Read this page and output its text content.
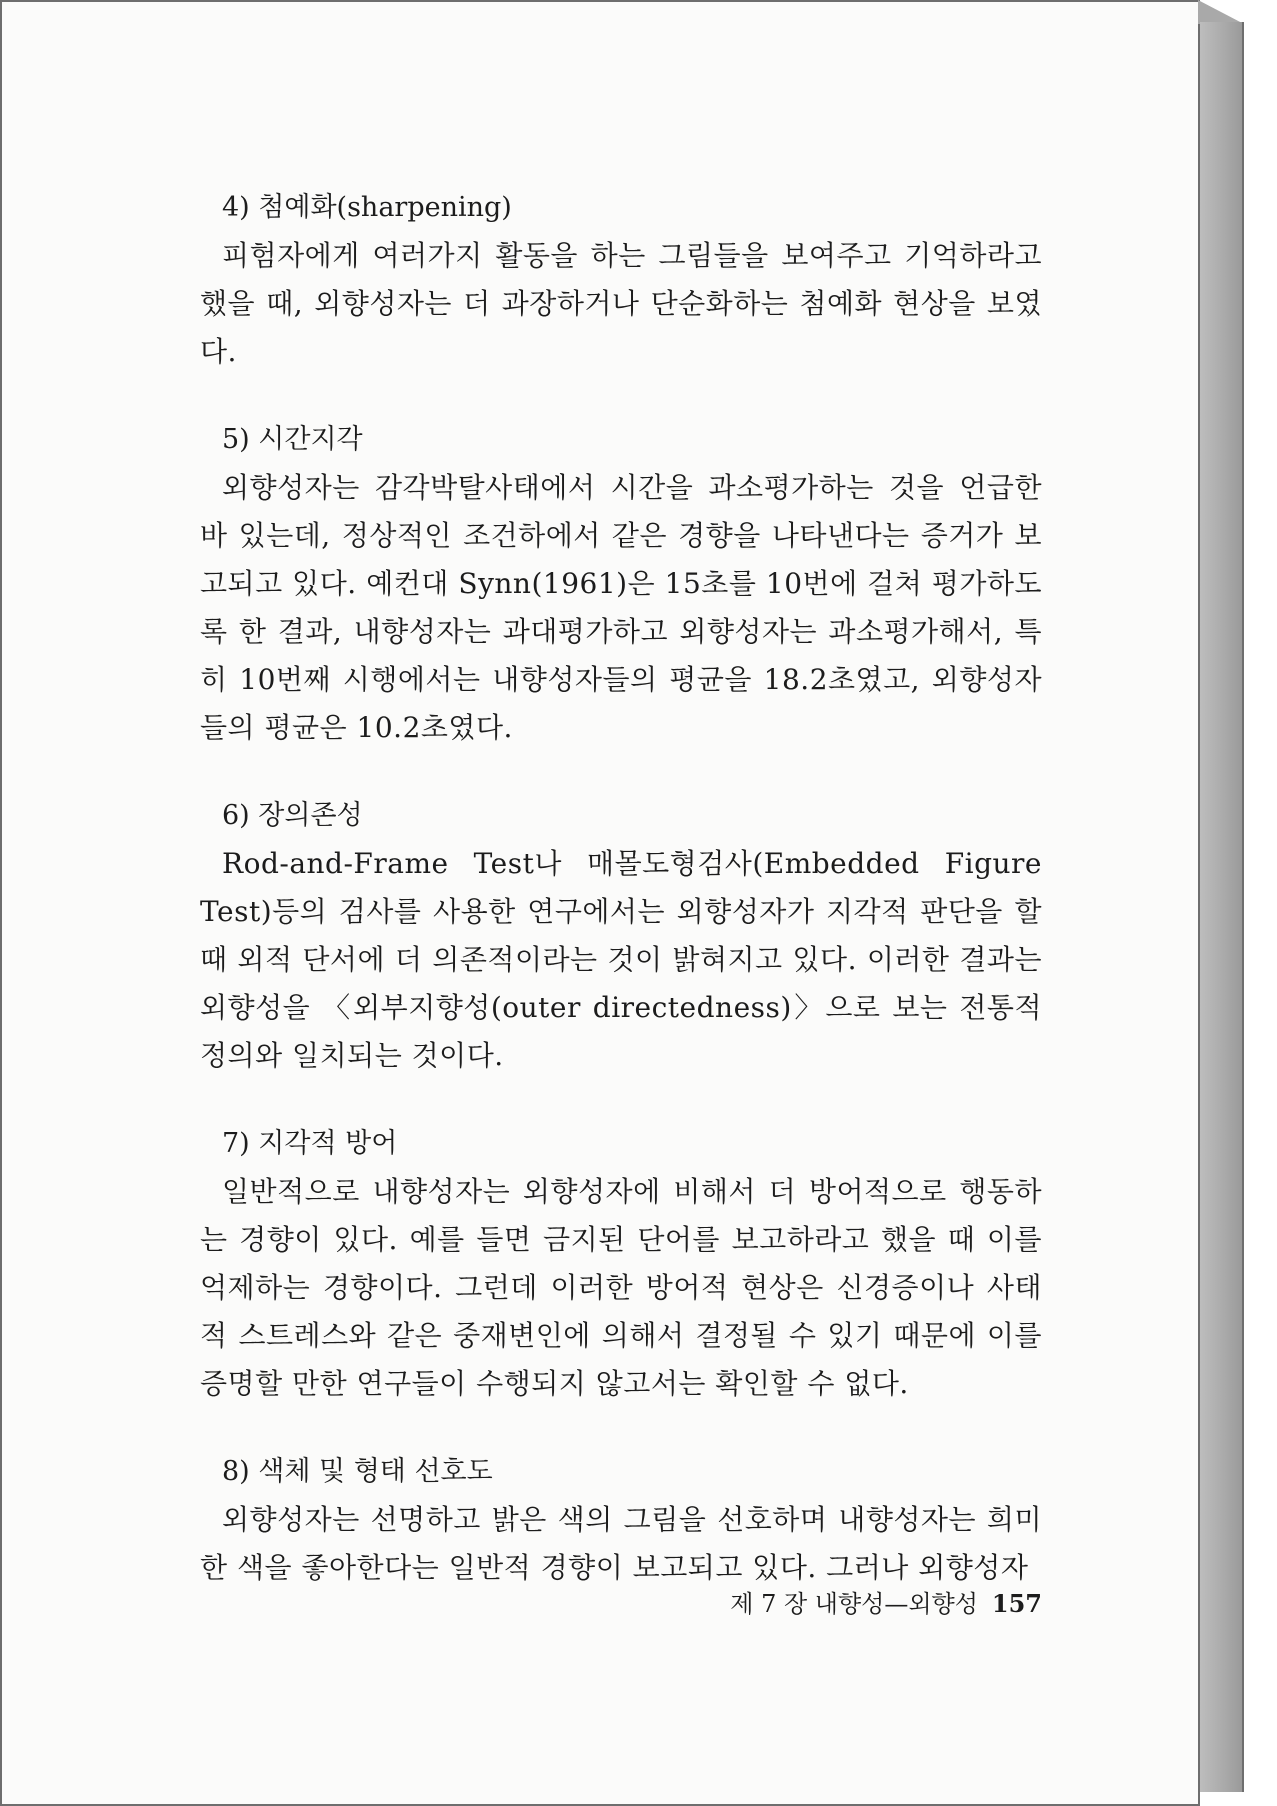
4) 첨예화(sharpening)

피험자에게 여러가지 활동을 하는 그림들을 보여주고 기억하라고 했을 때, 외향성자는 더 과장하거나 단순화하는 첨예화 현상을 보였다.

5) 시간지각

외향성자는 감각박탈사태에서 시간을 과소평가하는 것을 언급한 바 있는데, 정상적인 조건하에서 같은 경향을 나타낸다는 증거가 보고되고 있다. 예컨대 Synn(1961)은 15초를 10번에 걸쳐 평가하도록 한 결과, 내향성자는 과대평가하고 외향성자는 과소평가해서, 특히 10번째 시행에서는 내향성자들의 평균을 18.2초였고, 외향성자들의 평균은 10.2초였다.

6) 장의존성

Rod-and-Frame Test나 매몰도형검사(Embedded Figure Test)등의 검사를 사용한 연구에서는 외향성자가 지각적 판단을 할 때 외적 단서에 더 의존적이라는 것이 밝혀지고 있다. 이러한 결과는 외향성을 〈외부지향성(outer directedness)〉으로 보는 전통적 정의와 일치되는 것이다.

7) 지각적 방어

일반적으로 내향성자는 외향성자에 비해서 더 방어적으로 행동하는 경향이 있다. 예를 들면 금지된 단어를 보고하라고 했을 때 이를 억제하는 경향이다. 그런데 이러한 방어적 현상은 신경증이나 사태적 스트레스와 같은 중재변인에 의해서 결정될 수 있기 때문에 이를 증명할 만한 연구들이 수행되지 않고서는 확인할 수 없다.

8) 색체 및 형태 선호도

외향성자는 선명하고 밝은 색의 그림을 선호하며 내향성자는 희미한 색을 좋아한다는 일반적 경향이 보고되고 있다. 그러나 외향성자

제 7 장 내향성—외향성 157
